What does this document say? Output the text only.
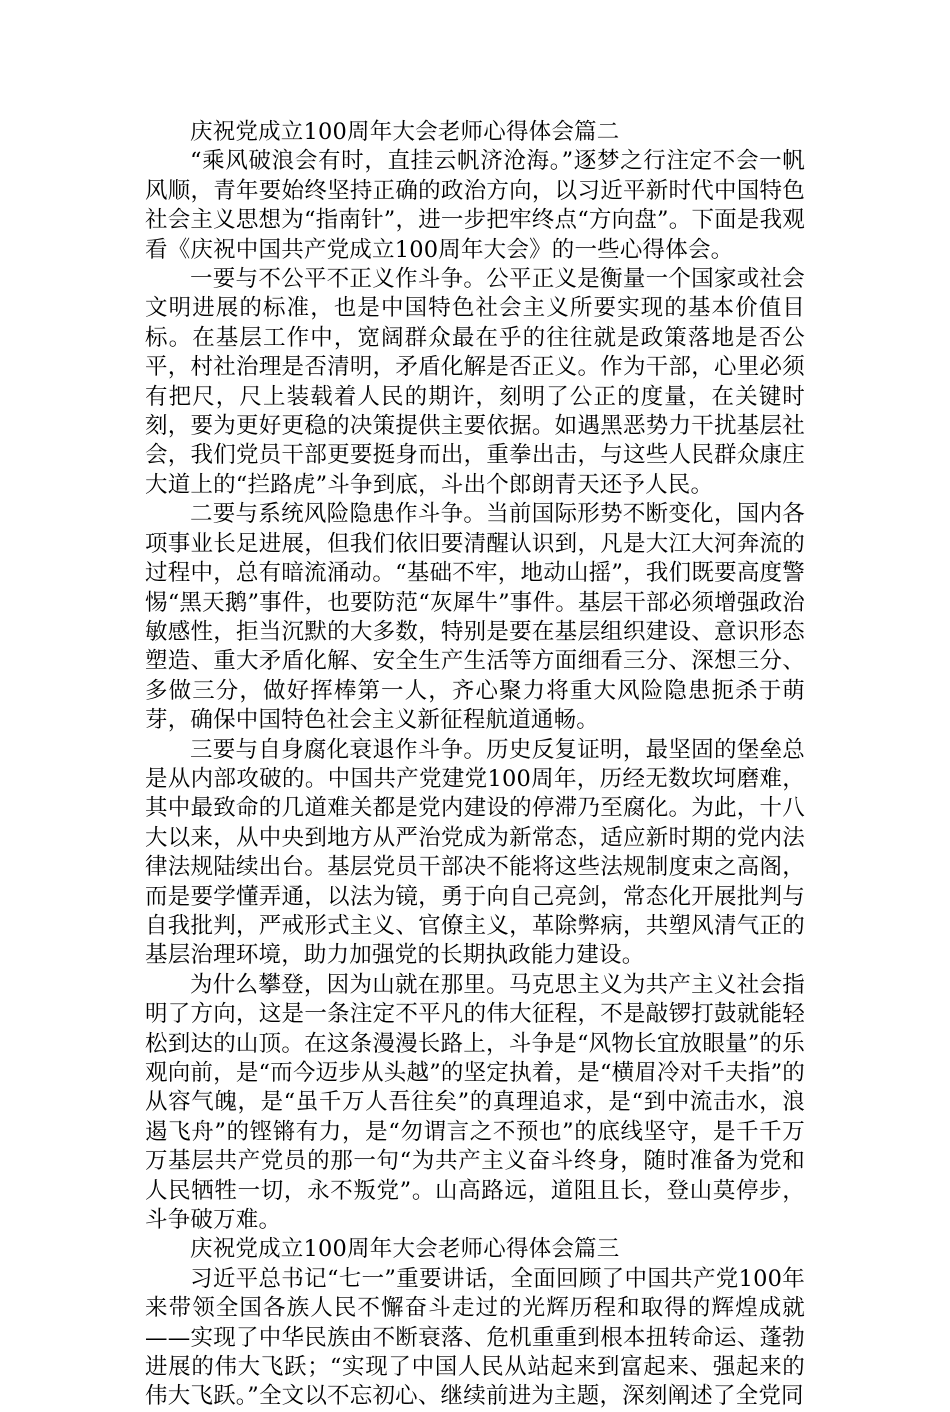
庆祝党成立100周年大会老师心得体会篇二

“乘风破浪会有时，直挂云帆济沧海。”逐梦之行注定不会一帆风顺，青年要始终坚持正确的政治方向，以习近平新时代中国特色社会主义思想为“指南针”，进一步把牢终点“方向盘”。下面是我观看《庆祝中国共产党成立100周年大会》的一些心得体会。

一要与不公平不正义作斗争。公平正义是衡量一个国家或社会文明进展的标准，也是中国特色社会主义所要实现的基本价值目标。在基层工作中，宽阔群众最在乎的往往就是政策落地是否公平，村社治理是否清明，矛盾化解是否正义。作为干部，心里必须有把尺，尺上装载着人民的期许，刻明了公正的度量，在关键时刻，要为更好更稳的决策提供主要依据。如遇黑恶势力干扰基层社会，我们党员干部更要挺身而出，重拳出击，与这些人民群众康庄大道上的“拦路虎”斗争到底，斗出个郎朗青天还予人民。

二要与系统风险隐患作斗争。当前国际形势不断变化，国内各项事业长足进展，但我们依旧要清醒认识到，凡是大江大河奔流的过程中，总有暗流涌动。“基础不牢，地动山摇”，我们既要高度警惕“黑天鹅”事件，也要防范“灰犀牛”事件。基层干部必须增强政治敏感性，拒当沉默的大多数，特别是要在基层组织建设、意识形态塑造、重大矛盾化解、安全生产生活等方面细看三分、深想三分、多做三分，做好挥棒第一人，齐心聚力将重大风险隐患扼杀于萌芽，确保中国特色社会主义新征程航道通畅。

三要与自身腐化衰退作斗争。历史反复证明，最坚固的堡垒总是从内部攻破的。中国共产党建党100周年，历经无数坎坷磨难，其中最致命的几道难关都是党内建设的停滞乃至腐化。为此，十八大以来，从中央到地方从严治党成为新常态，适应新时期的党内法律法规陆续出台。基层党员干部决不能将这些法规制度束之高阁，而是要学懂弄通，以法为镜，勇于向自己亮剑，常态化开展批判与自我批判，严戒形式主义、官僚主义，革除弊病，共塑风清气正的基层治理环境，助力加强党的长期执政能力建设。

为什么攀登，因为山就在那里。马克思主义为共产主义社会指明了方向，这是一条注定不平凡的伟大征程，不是敲锣打鼓就能轻松到达的山顶。在这条漫漫长路上，斗争是“风物长宜放眼量”的乐观向前，是“而今迈步从头越”的坚定执着，是“横眉冷对千夫指”的从容气魄，是“虽千万人吾往矣”的真理追求，是“到中流击水，浪遏飞舟”的铿锵有力，是“勿谓言之不预也”的底线坚守，是千千万万基层共产党员的那一句“为共产主义奋斗终身，随时准备为党和人民牺牲一切，永不叛党”。山高路远，道阻且长，登山莫停步，斗争破万难。

庆祝党成立100周年大会老师心得体会篇三

习近平总书记“七一”重要讲话，全面回顾了中国共产党100年来带领全国各族人民不懈奋斗走过的光辉历程和取得的辉煌成就——实现了中华民族由不断衰落、危机重重到根本扭转命运、蓬勃进展的伟大飞跃；“实现了中国人民从站起来到富起来、强起来的伟大飞跃。”全文以不忘初心、继续前进为主题，深刻阐述了全党同
